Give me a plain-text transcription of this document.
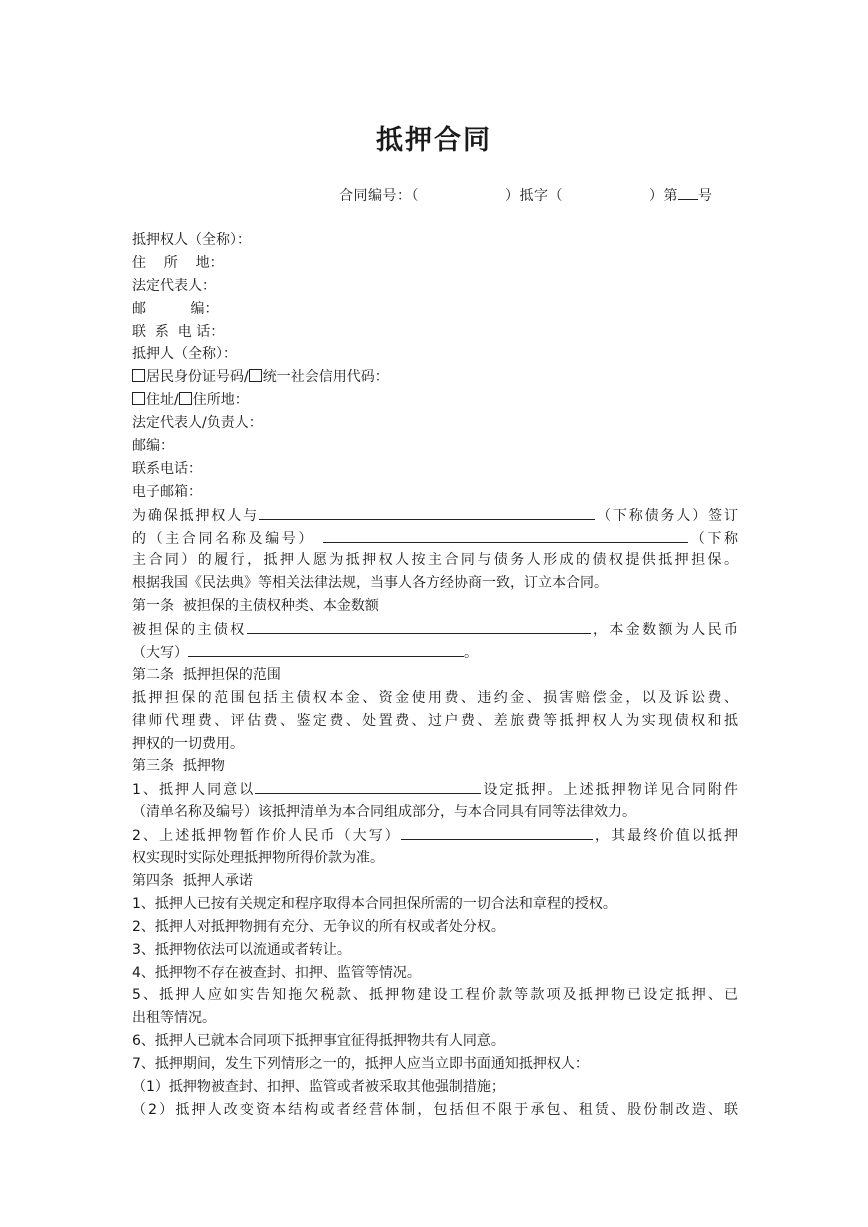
抵押合同
合同编号：（	）抵字（	）第 号
抵押权人（全称）：
住    所    地：
法定代表人：
邮          编：
联  系  电 话：
抵押人（全称）：
居民身份证号码/ 统一社会信用代码：
住址/ 住所地：
法定代表人/负责人：
邮编：
联系电话：
电子邮箱：
为确保抵押权人与	（下称债务人）签订
的（主合同名称及编号）	（下称
主合同）的履行，抵押人愿为抵押权人按主合同与债务人形成的债权提供抵押担保。
根据我国《民法典》等相关法律法规，当事人各方经协商一致，订立本合同。
第一条  被担保的主债权种类、本金数额
被担保的主债权	，本金数额为人民币
（大写）	。
第二条  抵押担保的范围
抵押担保的范围包括主债权本金、资金使用费、违约金、损害赔偿金，以及诉讼费、
律师代理费、评估费、鉴定费、处置费、过户费、差旅费等抵押权人为实现债权和抵
押权的一切费用。
第三条  抵押物
1、抵押人同意以	设定抵押。上述抵押物详见合同附件
（清单名称及编号）该抵押清单为本合同组成部分，与本合同具有同等法律效力。
2、上述抵押物暂作价人民币（大写）	，其最终价值以抵押
权实现时实际处理抵押物所得价款为准。
第四条  抵押人承诺
1、抵押人已按有关规定和程序取得本合同担保所需的一切合法和章程的授权。
2、抵押人对抵押物拥有充分、无争议的所有权或者处分权。
3、抵押物依法可以流通或者转让。
4、抵押物不存在被查封、扣押、监管等情况。
5、抵押人应如实告知拖欠税款、抵押物建设工程价款等款项及抵押物已设定抵押、已
出租等情况。
6、抵押人已就本合同项下抵押事宜征得抵押物共有人同意。
7、抵押期间，发生下列情形之一的，抵押人应当立即书面通知抵押权人：
（1）抵押物被查封、扣押、监管或者被采取其他强制措施；
（2）抵押人改变资本结构或者经营体制，包括但不限于承包、租赁、股份制改造、联
